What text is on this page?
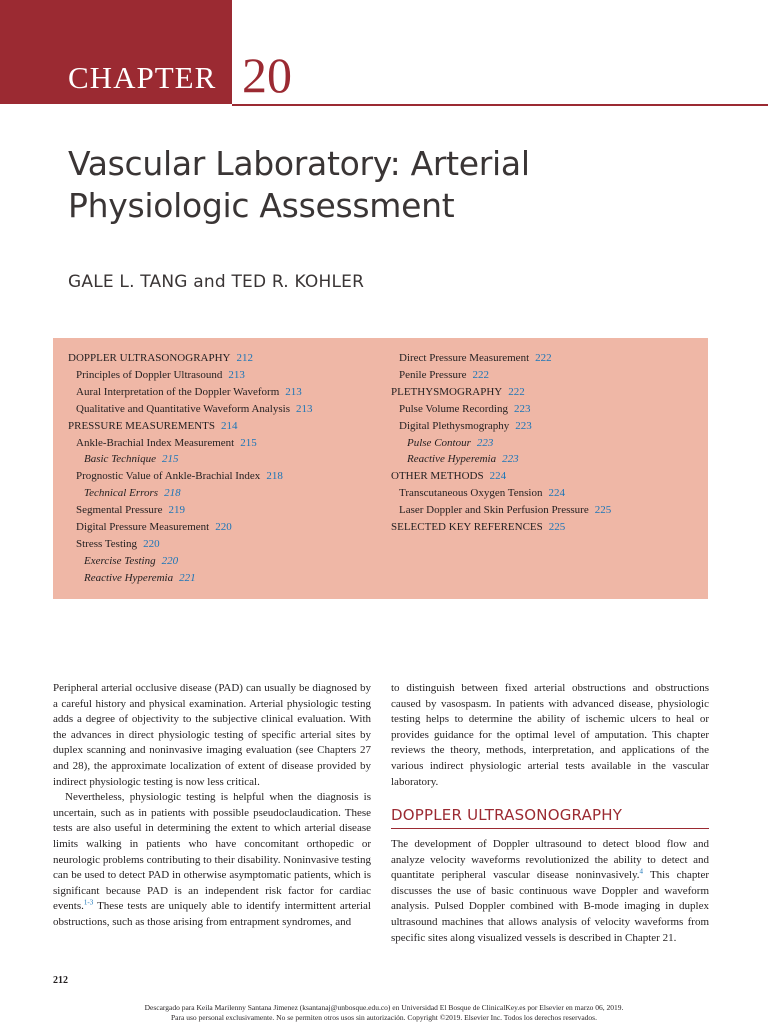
CHAPTER 20
Vascular Laboratory: Arterial Physiologic Assessment
GALE L. TANG and TED R. KOHLER
DOPPLER ULTRASONOGRAPHY 212
Principles of Doppler Ultrasound 213
Aural Interpretation of the Doppler Waveform 213
Qualitative and Quantitative Waveform Analysis 213
PRESSURE MEASUREMENTS 214
Ankle-Brachial Index Measurement 215
Basic Technique 215
Prognostic Value of Ankle-Brachial Index 218
Technical Errors 218
Segmental Pressure 219
Digital Pressure Measurement 220
Stress Testing 220
Exercise Testing 220
Reactive Hyperemia 221
Direct Pressure Measurement 222
Penile Pressure 222
PLETHYSMOGRAPHY 222
Pulse Volume Recording 223
Digital Plethysmography 223
Pulse Contour 223
Reactive Hyperemia 223
OTHER METHODS 224
Transcutaneous Oxygen Tension 224
Laser Doppler and Skin Perfusion Pressure 225
SELECTED KEY REFERENCES 225

Peripheral arterial occlusive disease (PAD) can usually be diagnosed by a careful history and physical examination. Arterial physiologic testing adds a degree of objectivity to the subjective clinical evaluation. With the advances in direct physiologic testing of specific arterial sites by duplex scanning and noninvasive imaging evaluation (see Chapters 27 and 28), the approximate localization of extent of disease provided by indirect physiologic testing is now less critical.

Nevertheless, physiologic testing is helpful when the diagnosis is uncertain, such as in patients with possible pseudoclaudication. These tests are also useful in determining the extent to which arterial disease limits walking in patients who have concomitant orthopedic or neurologic problems contributing to their disability. Noninvasive testing can be used to detect PAD in otherwise asymptomatic patients, which is significant because PAD is an independent risk factor for cardiac events.$^{1-3}$ These tests are uniquely able to identify intermittent arterial obstructions, such as those arising from entrapment syndromes, and

to distinguish between fixed arterial obstructions and obstructions caused by vasospasm. In patients with advanced disease, physiologic testing helps to determine the ability of ischemic ulcers to heal or provides guidance for the optimal level of amputation. This chapter reviews the theory, methods, interpretation, and applications of the various indirect physiologic arterial tests available in the vascular laboratory.

DOPPLER ULTRASONOGRAPHY

The development of Doppler ultrasound to detect blood flow and analyze velocity waveforms revolutionized the ability to detect and quantitate peripheral vascular disease noninvasively.$^4$ This chapter discusses the use of basic continuous wave Doppler and waveform analysis. Pulsed Doppler combined with B-mode imaging in duplex ultrasound machines that allows analysis of velocity waveforms from specific sites along visualized vessels is described in Chapter 21.

212
Descargado para Keila Marilenny Santana Jimenez (ksantanaj@unbosque.edu.co) en Universidad El Bosque de ClinicalKey.es por Elsevier en marzo 06, 2019.
Para uso personal exclusivamente. No se permiten otros usos sin autorización. Copyright ©2019. Elsevier Inc. Todos los derechos reservados.
